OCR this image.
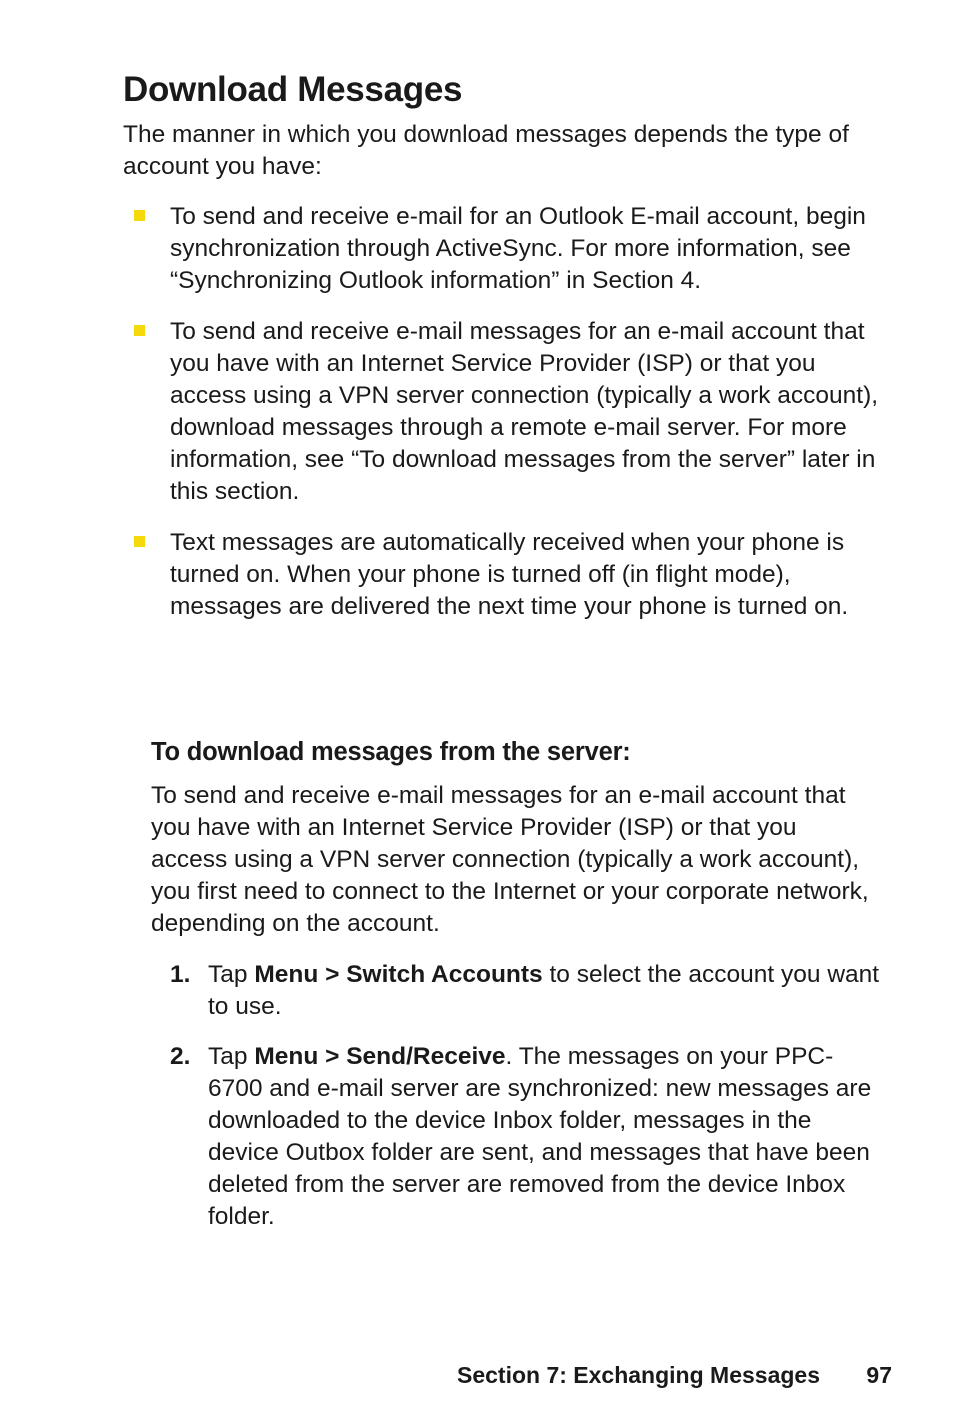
Download Messages

The manner in which you download messages depends the type of account you have:

To send and receive e-mail for an Outlook E-mail account, begin synchronization through ActiveSync. For more information, see “Synchronizing Outlook information” in Section 4.
To send and receive e-mail messages for an e-mail account that you have with an Internet Service Provider (ISP) or that you access using a VPN server connection (typically a work account), download messages through a remote e-mail server. For more information, see “To download messages from the server” later in this section.
Text messages are automatically received when your phone is turned on. When your phone is turned off (in flight mode), messages are delivered the next time your phone is turned on.
To download messages from the server:

To send and receive e-mail messages for an e-mail account that you have with an Internet Service Provider (ISP) or that you access using a VPN server connection (typically a work account), you first need to connect to the Internet or your corporate network, depending on the account.

1. Tap Menu > Switch Accounts to select the account you want to use.
2. Tap Menu > Send/Receive. The messages on your PPC-6700 and e-mail server are synchronized: new messages are downloaded to the device Inbox folder, messages in the device Outbox folder are sent, and messages that have been deleted from the server are removed from the device Inbox folder.
Section 7: Exchanging Messages 97
